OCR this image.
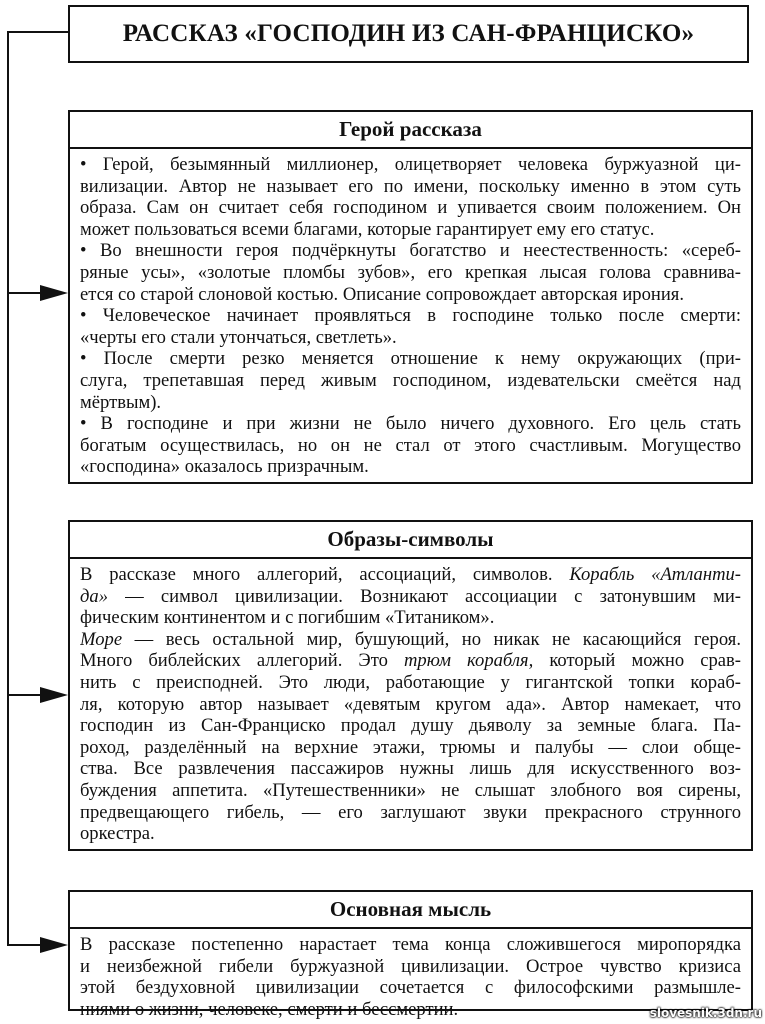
РАССКАЗ «ГОСПОДИН ИЗ САН-ФРАНЦИСКО»
Герой рассказа
• Герой, безымянный миллионер, олицетворяет человека буржуазной ци-
вилизации. Автор не называет его по имени, поскольку именно в этом суть
образа. Сам он считает себя господином и упивается своим положением. Он
может пользоваться всеми благами, которые гарантирует ему его статус.
• Во внешности героя подчёркнуты богатство и неестественность: «сереб-
ряные усы», «золотые пломбы зубов», его крепкая лысая голова сравнива-
ется со старой слоновой костью. Описание сопровождает авторская ирония.
• Человеческое начинает проявляться в господине только после смерти:
«черты его стали утончаться, светлеть».
• После смерти резко меняется отношение к нему окружающих (при-
слуга, трепетавшая перед живым господином, издевательски смеётся над
мёртвым).
• В господине и при жизни не было ничего духовного. Его цель стать
богатым осуществилась, но он не стал от этого счастливым. Могущество
«господина» оказалось призрачным.
Образы-символы
В рассказе много аллегорий, ассоциаций, символов. Корабль «Атланти-
да» — символ цивилизации. Возникают ассоциации с затонувшим ми-
фическим континентом и с погибшим «Титаником».
Море — весь остальной мир, бушующий, но никак не касающийся героя.
Много библейских аллегорий. Это трюм корабля, который можно срав-
нить с преисподней. Это люди, работающие у гигантской топки кораб-
ля, которую автор называет «девятым кругом ада». Автор намекает, что
господин из Сан-Франциско продал душу дьяволу за земные блага. Па-
роход, разделённый на верхние этажи, трюмы и палубы — слои обще-
ства. Все развлечения пассажиров нужны лишь для искусственного воз-
буждения аппетита. «Путешественники» не слышат злобного воя сирены,
предвещающего гибель, — его заглушают звуки прекрасного струнного
оркестра.
Основная мысль
В рассказе постепенно нарастает тема конца сложившегося миропорядка
и неизбежной гибели буржуазной цивилизации. Острое чувство кризиса
этой бездуховной цивилизации сочетается с философскими размышле-
ниями о жизни, человеке, смерти и бессмертии.	slovesnik.3dn.ru
